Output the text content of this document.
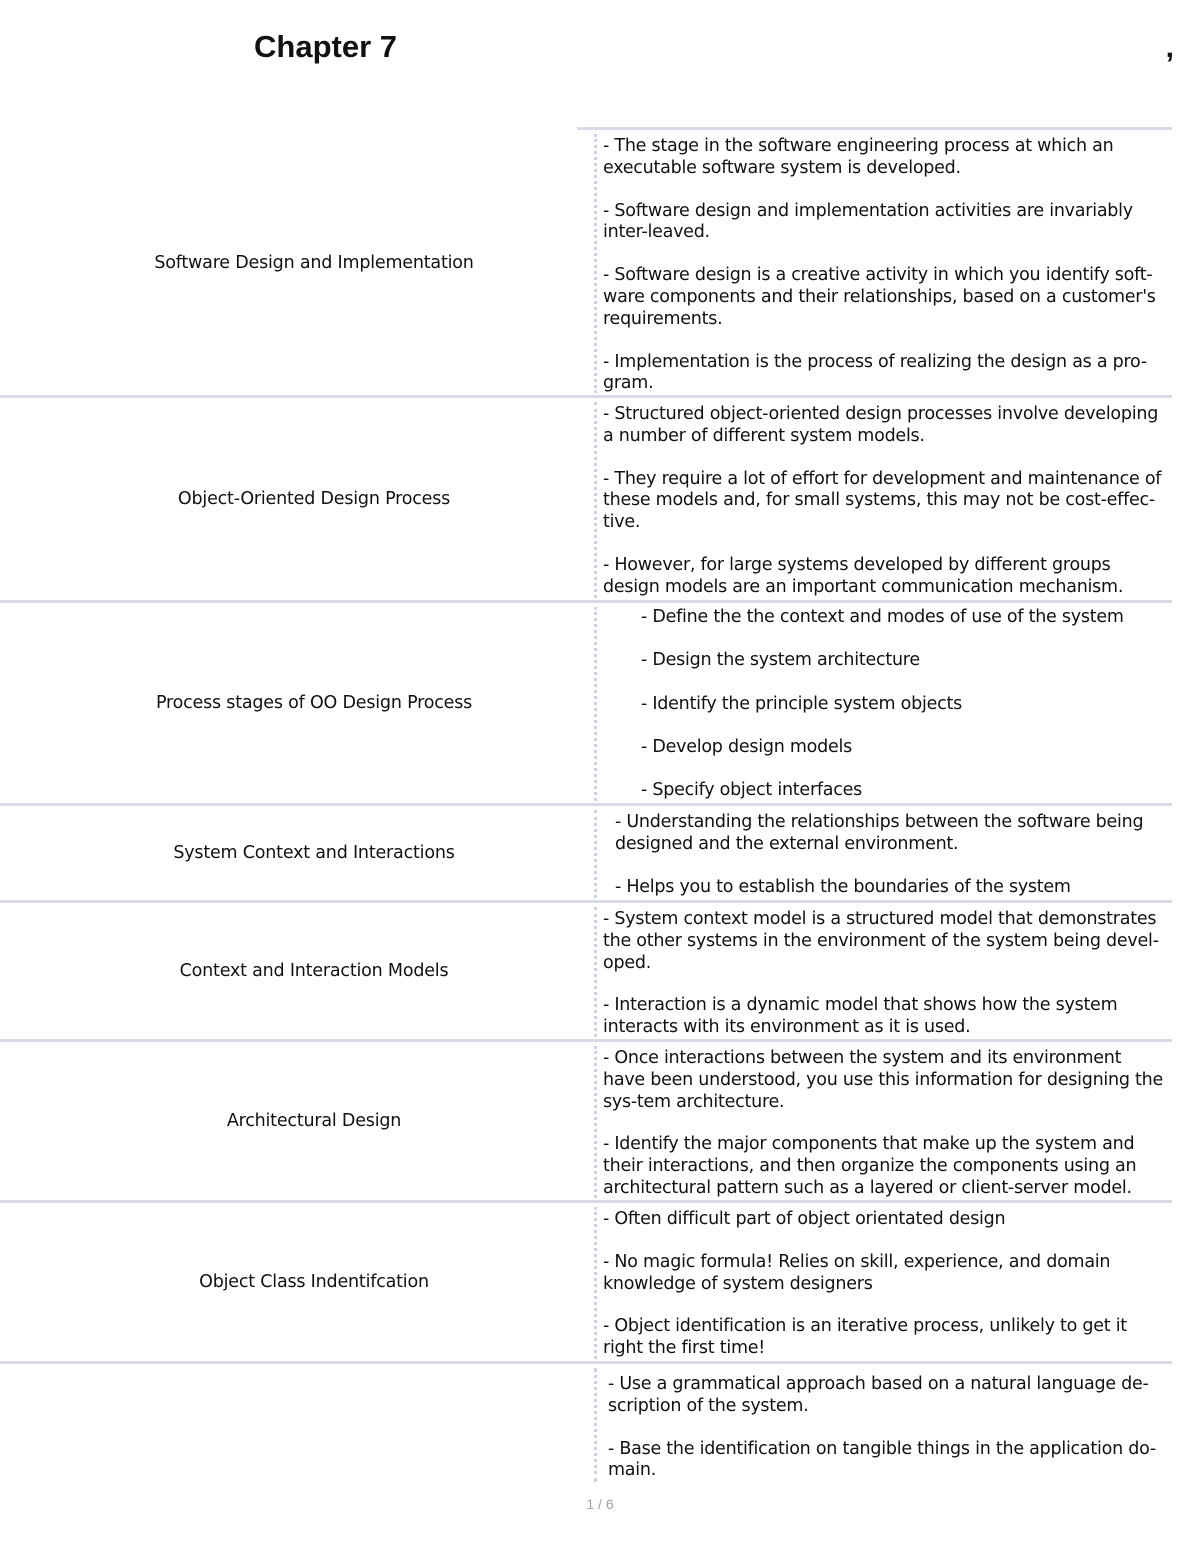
Chapter 7	,
Software Design and Implementation

- The stage in the software engineering process at which an executable software system is developed.

- Software design and implementation activities are invariably inter-leaved.

- Software design is a creative activity in which you identify soft-ware components and their relationships, based on a customer's requirements.

- Implementation is the process of realizing the design as a pro-gram.

Object-Oriented Design Process

- Structured object-oriented design processes involve developing a number of different system models.

- They require a lot of effort for development and maintenance of these models and, for small systems, this may not be cost-effec-tive.

- However, for large systems developed by different groups design models are an important communication mechanism.

Process stages of OO Design Process

- Define the the context and modes of use of the system

- Design the system architecture

- Identify the principle system objects

- Develop design models

- Specify object interfaces

System Context and Interactions

- Understanding the relationships between the software being designed and the external environment.

- Helps you to establish the boundaries of the system

Context and Interaction Models

- System context model is a structured model that demonstrates the other systems in the environment of the system being devel-oped.

- Interaction is a dynamic model that shows how the system interacts with its environment as it is used.

Architectural Design

- Once interactions between the system and its environment have been understood, you use this information for designing the sys-tem architecture.

- Identify the major components that make up the system and their interactions, and then organize the components using an architectural pattern such as a layered or client-server model.

Object Class Indentifcation

- Often difficult part of object orientated design

- No magic formula! Relies on skill, experience, and domain knowledge of system designers

- Object identification is an iterative process, unlikely to get it right the first time!

- Use a grammatical approach based on a natural language de-scription of the system.

- Base the identification on tangible things in the application do-main.

1 / 6
